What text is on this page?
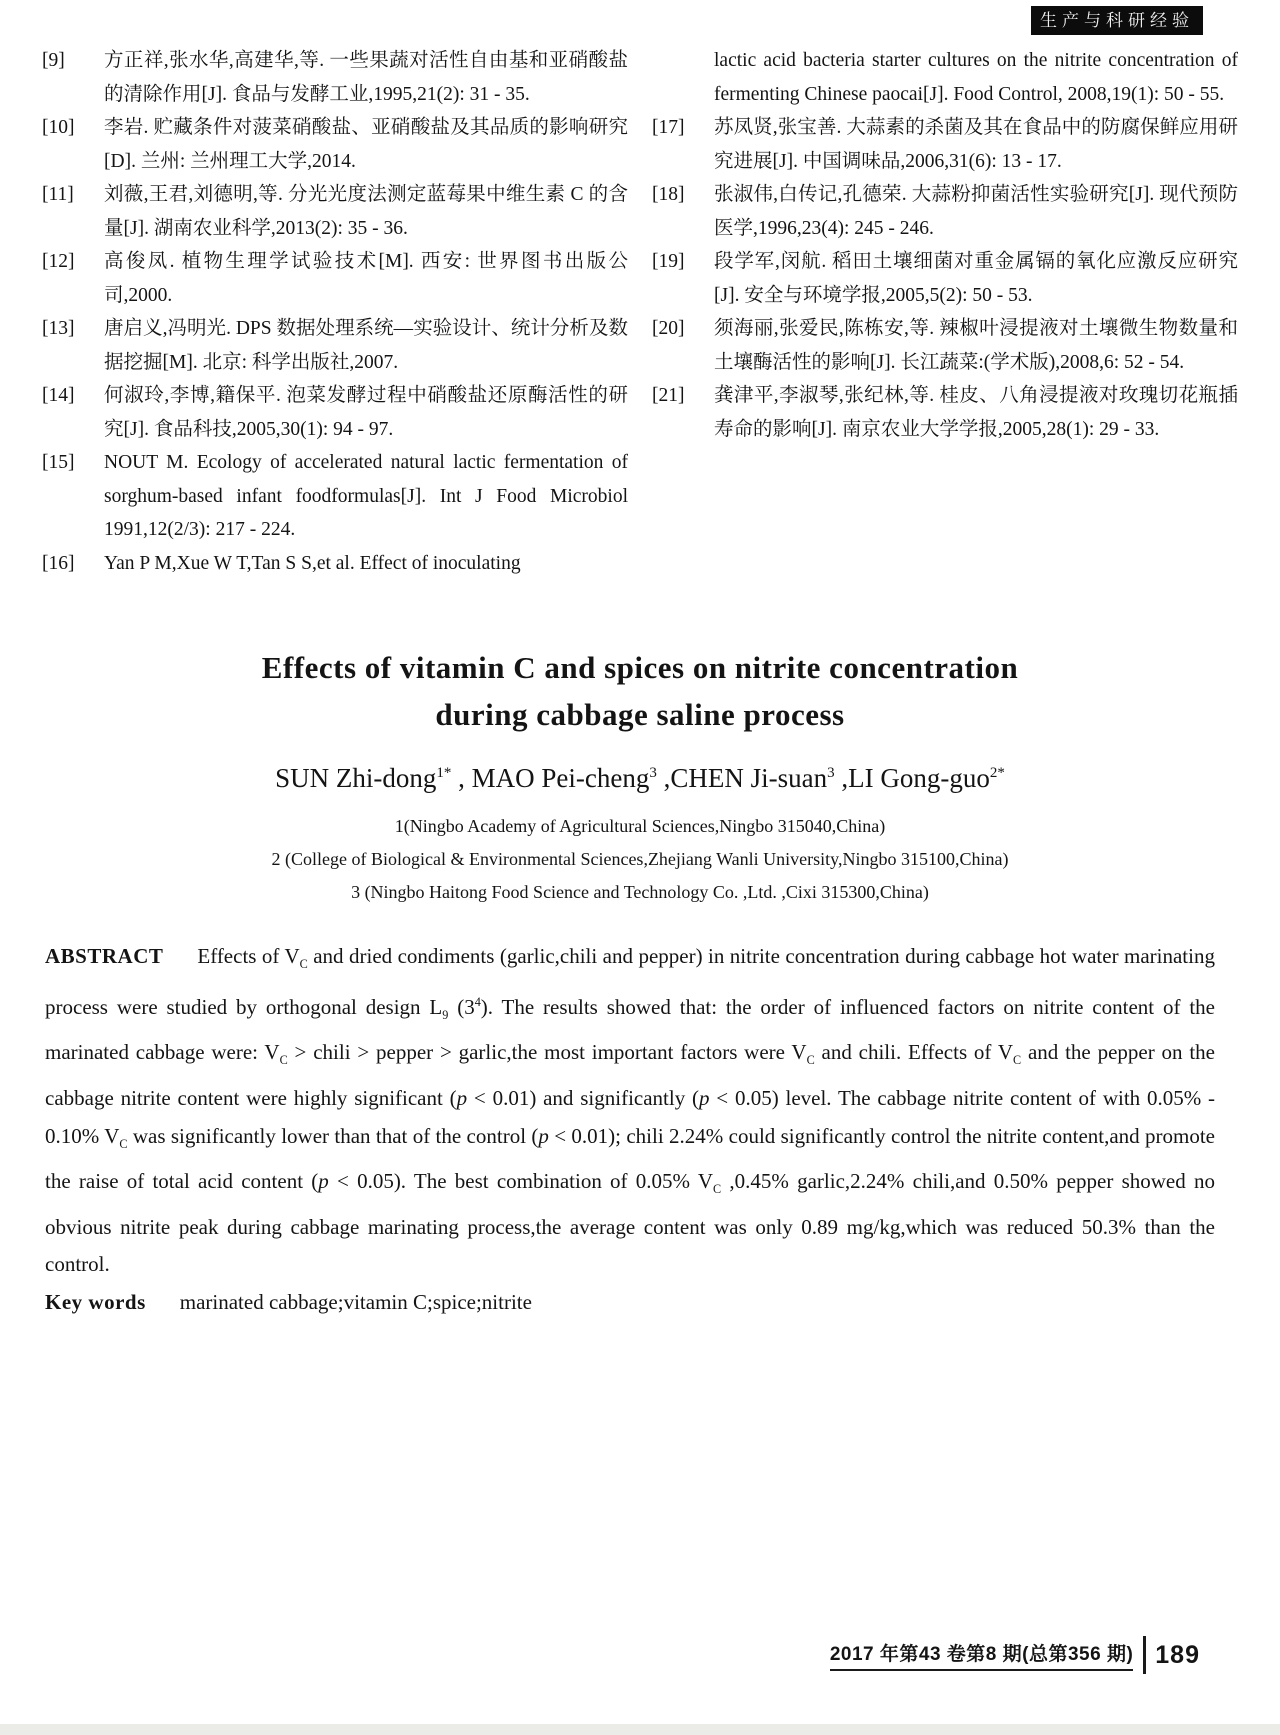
生产与科研经验
[9]	方正祥,张水华,高建华,等. 一些果蔬对活性自由基和亚硝酸盐的清除作用[J]. 食品与发酵工业,1995,21(2): 31 - 35.
[10]	李岩. 贮藏条件对菠菜硝酸盐、亚硝酸盐及其品质的影响研究[D]. 兰州: 兰州理工大学,2014.
[11]	刘薇,王君,刘德明,等. 分光光度法测定蓝莓果中维生素 C 的含量[J]. 湖南农业科学,2013(2): 35 - 36.
[12]	高俊凤. 植物生理学试验技术[M]. 西安: 世界图书出版公司,2000.
[13]	唐启义,冯明光. DPS 数据处理系统—实验设计、统计分析及数据挖掘[M]. 北京: 科学出版社,2007.
[14]	何淑玲,李博,籍保平. 泡菜发酵过程中硝酸盐还原酶活性的研究[J]. 食品科技,2005,30(1): 94 - 97.
[15]	NOUT M. Ecology of accelerated natural lactic fermentation of sorghum-based infant foodformulas[J]. Int J Food Microbiol 1991,12(2/3): 217 - 224.
[16]	Yan P M,Xue W T,Tan S S,et al. Effect of inoculating
lactic acid bacteria starter cultures on the nitrite concentration of fermenting Chinese paocai[J]. Food Control, 2008,19(1): 50 - 55.
[17]	苏凤贤,张宝善. 大蒜素的杀菌及其在食品中的防腐保鲜应用研究进展[J]. 中国调味品,2006,31(6): 13 - 17.
[18]	张淑伟,白传记,孔德荣. 大蒜粉抑菌活性实验研究[J]. 现代预防医学,1996,23(4): 245 - 246.
[19]	段学军,闵航. 稻田土壤细菌对重金属镉的氧化应激反应研究[J]. 安全与环境学报,2005,5(2): 50 - 53.
[20]	须海丽,张爱民,陈栋安,等. 辣椒叶浸提液对土壤微生物数量和土壤酶活性的影响[J]. 长江蔬菜:(学术版),2008,6: 52 - 54.
[21]	龚津平,李淑琴,张纪林,等. 桂皮、八角浸提液对玫瑰切花瓶插寿命的影响[J]. 南京农业大学学报,2005,28(1): 29 - 33.
Effects of vitamin C and spices on nitrite concentration
during cabbage saline process
SUN Zhi-dong$^{1*}$ , MAO Pei-cheng$^3$ ,CHEN Ji-suan$^3$ ,LI Gong-guo$^{2*}$
1(Ningbo Academy of Agricultural Sciences,Ningbo 315040,China)
2 (College of Biological & Environmental Sciences,Zhejiang Wanli University,Ningbo 315100,China)
3 (Ningbo Haitong Food Science and Technology Co. ,Ltd. ,Cixi 315300,China)

ABSTRACT Effects of $V_C$ and dried condiments (garlic,chili and pepper) in nitrite concentration during cabbage hot water marinating process were studied by orthogonal design $L_9$ $(3^4)$. The results showed that: the order of influenced factors on nitrite content of the marinated cabbage were: $V_C$ > chili > pepper > garlic,the most important factors were $V_C$ and chili. Effects of $V_C$ and the pepper on the cabbage nitrite content were highly significant (p < 0.01) and significantly (p < 0.05) level. The cabbage nitrite content of with 0.05% - 0.10% $V_C$ was significantly lower than that of the control (p < 0.01); chili 2.24% could significantly control the nitrite content,and promote the raise of total acid content (p < 0.05). The best combination of 0.05% $V_C$ ,0.45% garlic,2.24% chili,and 0.50% pepper showed no obvious nitrite peak during cabbage marinating process,the average content was only 0.89 mg/kg,which was reduced 50.3% than the control.

Key words marinated cabbage;vitamin C;spice;nitrite

2017 年第43 卷第8 期(总第356 期) 189
